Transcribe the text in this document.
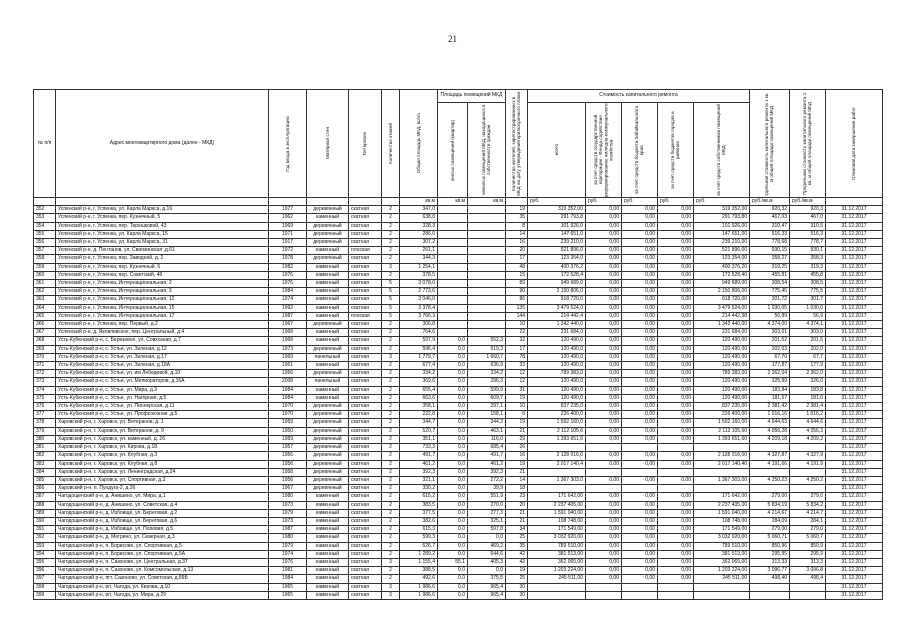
21
№ п/п	Адрес многоквартирного дома (далее - МКД)	Год ввода в эксплуатацию	Материал стен	Тип кровли	Количество этажей	Общая площадь МКД, всего	Площадь помещений МКД		Количество жителей, зарегистрированных в МКД на дату утверждения краткосрочного плана	Стоимость капитального ремонта					Удельная стоимость капитального ремонта 1 кв. м общей площади помещений МКД	Предельная стоимость капитального ремонта 1 кв. м общей площади помещений МКД	Плановая дата завершения работ

							жилых помещений (квартир)	нежилых помещений МКД, находящихся в собственности граждан		всего	за счет средств государственной корпорации - Фонда содействия реформированию жилищно-коммунального хозяйства	за счет средств бюджета Забайкальского края	за счет средств бюджетов городов и районов	за счет средств собственников помещений МКД			

						кв.м	кв.м	кв.м		руб.	руб.	руб.	руб.	руб.	руб./кв.м	руб./кв.м	
352	Успенский р-н, г. Успенка, ул. Карла Маркса, д.16	1977	деревянный	скатная	2	347,0			19	319 352,00	0,00	0,00	0,00	319 352,00	920,32	920,3	31.12.2017
353	Успенский р-н, г. Успенка, пер. Кузнечный, 5	1962	каменный	скатная	2	638,8			35	291 793,8	0,00	0,00	0,00	291 793,80	467,03	467,0	31.12.2017
354	Успенский р-н, г. Успенка, пер. Терешковой, 43	1969	деревянный	скатная	2	328,3			8	101 926,0	0,00	0,00	0,00	101 926,00	310,47	310,5	31.12.2017
355	Успенский р-н, г. Успенка, ул. Карла Маркса, 15	1971	деревянный	скатная	2	286,0			14	147 651,0	0,00	0,00	0,00	147 651,00	516,33	516,3	31.12.2017
356	Успенский р-н, г. Успенка, ул. Карла Маркса, 31	1917	деревянный	скатная	2	307,2			16	239 210,0	0,00	0,00	0,00	239 210,00	778,68	778,7	31.12.2017
357	Успенский р-н, д. Пентанов, ул. Свиязинская ,д.61	1972	каменный	плоская	2	261,1			20	521 896,0	0,00	0,00	0,00	521 896,00	930,15	930,1	31.12.2017
358	Успенский р-н, г. Успенка, пер. Заводной, д. 2	1978	деревянный	скатная	2	344,3			17	123 354,0	0,00	0,00	0,00	123 354,00	358,27	358,3	31.12.2017
359	Успенский р-н, г. Успенка, пер. Кузнечный, 6	1982	каменный	скатная	3	1 254,1			48	400 376,2	0,00	0,00	0,00	400 376,20	319,25	319,3	31.12.2017
360	Успенский р-н, г. Успенка, пер. Советский, 48	1976	каменный	скатная	2	378,5			15	172 528,4	0,00	0,00	0,00	172 528,40	455,81	455,8	31.12.2017
361	Успенский р-н, г. Успенка, Интернациональная, 2	1976	каменный	скатная	5	3 078,0			89	949 689,0	0,00	0,00	0,00	949 689,00	308,54	308,5	31.12.2017
362	Успенский р-н, г. Успенка, Интернациональная, 3	1984	каменный	скатная	5	2 773,6			90	2 150 806,0	0,00	0,00	0,00	2 150 806,00	775,45	775,5	31.12.2017
363	Успенский р-н, г. Успенка, Интернациональная, 12	1974	каменный	скатная	5	3 046,0			86	918 720,0	0,00	0,00	0,00	918 720,00	301,72	301,7	31.12.2017
364	Успенский р-н, г. Успенка, Интернациональная, 15	1992	каменный	скатная	5	3 378,4			135	3 479 524,0	0,00	0,00	0,00	3 479 524,00	1 030,05	1 030,0	31.12.2017
365	Успенский р-н, г. Успенка, Интернациональная, 17	1987	каменный	плоская	5	3 766,3			144	214 442,4	0,00	0,00	0,00	214 442,38	56,89	56,9	31.12.2017
366	Успенский р-н, г. Успенка, пер. Первый, д.2	1967	деревянный	скатная	2	306,8			10	1 342 440,0	0,00	0,00	0,00	1 342 440,00	4 374,00	4 374,1	31.12.2017
367	Успенский р-н, д. Яковлевское, пер. Центральный, д.4	1968	каменный	скатная	2	764,6			22	231 684,0	0,00	0,00	0,00	231 684,00	303,01	303,0	31.12.2017
368	Усть-Кубенский р-н, с. Березовое, ул. Совхозная, д.7	1968	каменный	скатная	2	597,9	0,0	552,3	32	120 490,0	0,00	0,00	0,00	120 490,00	201,52	201,5	31.12.2017
369	Усть-Кубенский р-н, с. Устье, ул. Зеленая, д.12	1973	деревянный	скатная	2	596,4	0,0	519,3	17	120 490,0	0,00	0,00	0,00	120 490,00	202,03	202,0	31.12.2017
370	Усть-Кубенский р-н, с. Устье, ул. Зеленая, д.17	1969	панельный	скатная	3	1 779,7	0,0	1 660,7	78	120 490,0	0,00	0,00	0,00	120 490,00	67,70	67,7	31.12.2017
371	Усть-Кубенский р-н, с. Устье, ул. Зеленая, д.18А	1961	каменный	скатная	2	677,4	0,0	636,9	33	120 490,0	0,00	0,00	0,00	120 490,00	177,87	177,9	31.12.2017
372	Усть-Кубенский р-н, с. Устье, ул. им Лебедевой, д.10	1956	деревянный	скатная	2	334,2	0,0	334,2	12	789 383,0	0,00	0,00	0,00	789 383,00	2 362,04	2 362,0	31.12.2017
373	Усть-Кубенский р-н, с. Устье, ул. Мелиораторов, д.16А	2008	панельный	скатная	2	369,6	0,0	296,3	12	120 490,0	0,00	0,00	0,00	120 490,00	325,99	326,0	31.12.2017
374	Усть-Кубенский р-н, с. Устье, ул. Мира, д.3	1984	каменный	скатная	2	655,4	0,0	599,9	31	120 490,0	0,00	0,00	0,00	120 490,00	183,84	183,8	31.12.2017
375	Усть-Кубенский р-н, с. Устье, ул. Нагорная, д.5	1984	каменный	скатная	2	663,6	0,0	609,7	19	120 490,0	0,00	0,00	0,00	120 490,00	181,57	181,6	31.12.2017
376	Усть-Кубенский р-н, с. Устье, ул. Пионерская, д.11	1970	деревянный	скатная	2	358,1	0,0	297,1	10	837 235,0	0,00	0,00	0,00	837 235,00	2 381,42	2 381,4	31.12.2017
377	Усть-Кубенский р-н, с. Устье, ул. Профсоюзная ,д.5	1970	деревянный	скатная	2	222,8	0,0	158,1	6	226 400,0	0,00	0,00	0,00	226 400,00	1 016,16	1 016,2	31.12.2017
378	Харовский р-н, г. Харовск, ул. Ветеранов, д. 1	1959	деревянный	скатная	2	344,7	0,0	344,2	19	1 592 160,0	0,00	0,00	0,00	1 592 160,00	4 644,63	4 644,6	31.12.2017
379	Харовский р-н, г. Харовск, ул. Ветеранов, д. 9	1950	деревянный	скатная	2	520,7	0,0	463,1	21	2 112 105,6	0,00	0,00	0,00	2 112 105,60	4 056,28	4 056,3	31.12.2017
380	Харовский р-н, г. Харовск, ул. каменный, д. 26	1959	деревянный	скатная	2	351,1	0,0	116,0	29	1 393 651,6	0,00	0,00	0,00	1 393 651,60	4 209,18	4 209,2	31.12.2017
381	Харовский р-н, г. Харовск, ул. Кирова, д.18	1957	деревянный	скатная	2	733,3	0,0	685,4	26								31.12.2017
382	Харовский р-н, г. Харовск, ул. Клубная, д.3	1956	деревянный	скатная	2	491,7	0,0	491,7	16	2 128 016,0	0,00	0,00	0,00	2 128 016,00	4 327,87	4 327,9	31.12.2017
383	Харовский р-н, г. Харовск, ул. Клубная, д.8	1956	деревянный	скатная	2	461,2	0,0	461,2	19	2 017 140,4	0,00	0,00	0,00	2 017 140,40	4 191,66	4 191,9	31.12.2017
384	Харовский р-н, г. Харовск, ул. Ленинградская, д.24	1958	деревянный	скатная	2	392,3	0,0	392,3	21								31.12.2017
385	Харовский р-н, г. Харовск, ул. Спортивная, д.3	1956	деревянный	скатная	2	321,1	0,0	272,2	14	1 367 303,0	0,00	0,00	0,00	1 367 303,00	4 250,23	4 250,2	31.12.2017
386	Харовский р-н, п. Пундуга-2, д.26	1967	деревянный	скатная	2	330,2	0,0	39,9	18								31.12.2017
387	Чагодощенский р-н, д. Анишино, ул. Мира, д.1	1980	каменный	скатная	2	615,2	0,0	551,9	23	171 642,00	0,00	0,00	0,00	171 642,00	279,00	279,0	31.12.2017
388	Чагодощенский р-н, д. Анишино, ул. Советская, д.4	1973	каменный	скатная	2	383,5	0,0	270,0	20	2 237 405,00	0,00	0,00	0,00	2 237 405,00	5 834,19	5 834,2	31.12.2017
389	Чагодощенский р-н, д. Избоище, ул. Береговая, д.2	1979	каменный	скатная	2	377,5	0,0	277,3	21	1 591 040,00	0,00	0,00	0,00	1 591 040,00	4 214,67	4 214,7	31.12.2017
390	Чагодощенский р-н, д. Избоище, ул. Береговая, д.6	1973	каменный	скатная	2	382,6	0,0	325,1	21	108 748,00	0,00	0,00	0,00	108 748,00	284,09	284,1	31.12.2017
391	Чагодощенский р-н, д. Избоище, ул. Полевая, д.5	1987	каменный	скатная	2	615,3	0,0	597,8	34	171 549,00	0,00	0,00	0,00	171 549,00	279,00	279,0	31.12.2017
392	Чагодощенский р-н, д. Мегрино, ул. Северная, д.3	1980	каменный	скатная	2	599,3	0,0	0,0	25	3 032 920,00	0,00	0,00	0,00	3 032 920,00	5 060,71	5 060,7	31.12.2017
393	Чагодощенский р-н, п. Борисово, ул. Спортивная, д.5	1979	каменный	скатная	2	526,7	0,0	469,2	35	789 510,00	0,00	0,00	0,00	789 510,00	850,96	850,9	31.12.2017
394	Чагодощенский р-н, п. Борисово, ул. Спортивная, д.5А	1974	каменный	скатная	2	1 289,2	0,0	644,6	42	381 513,00	0,00	0,00	0,00	381 513,00	295,95	295,9	31.12.2017
395	Чагодощенский р-н, п. Сазоново, ул. Центральная, д.37	1976	каменный	скатная	3	1 155,4	55,1	405,3	42	362 065,00	0,00	0,00	0,00	362 065,00	313,33	313,3	31.12.2017
396	Чагодощенский р-н, п. Сазоново, ул. Комсомольская, д.13	1981	каменный	скатная	2	388,5	0,0	0,0	19	1 203 224,00	0,00	0,00	0,00	1 203 224,00	3 096,77	3 096,8	31.12.2017
397	Чагодощенский р-н, пгт. Сазоново, ул. Советская, д.89Б	1984	каменный	скатная	2	492,6	0,0	375,5	25	245 511,00	0,00	0,00	0,00	245 511,00	498,40	498,4	31.12.2017
398	Чагодощенский р-н, рп. Чагода, ул. Кирова, д.10	1965	каменный	скатная	3	1 986,6	0,0	965,4	30								31.12.2017
399	Чагодощенский р-н, рп. Чагода, ул. Мира, д.29	1965	каменный	скатная	3	1 986,6	0,0	965,4	30								31.12.2017
